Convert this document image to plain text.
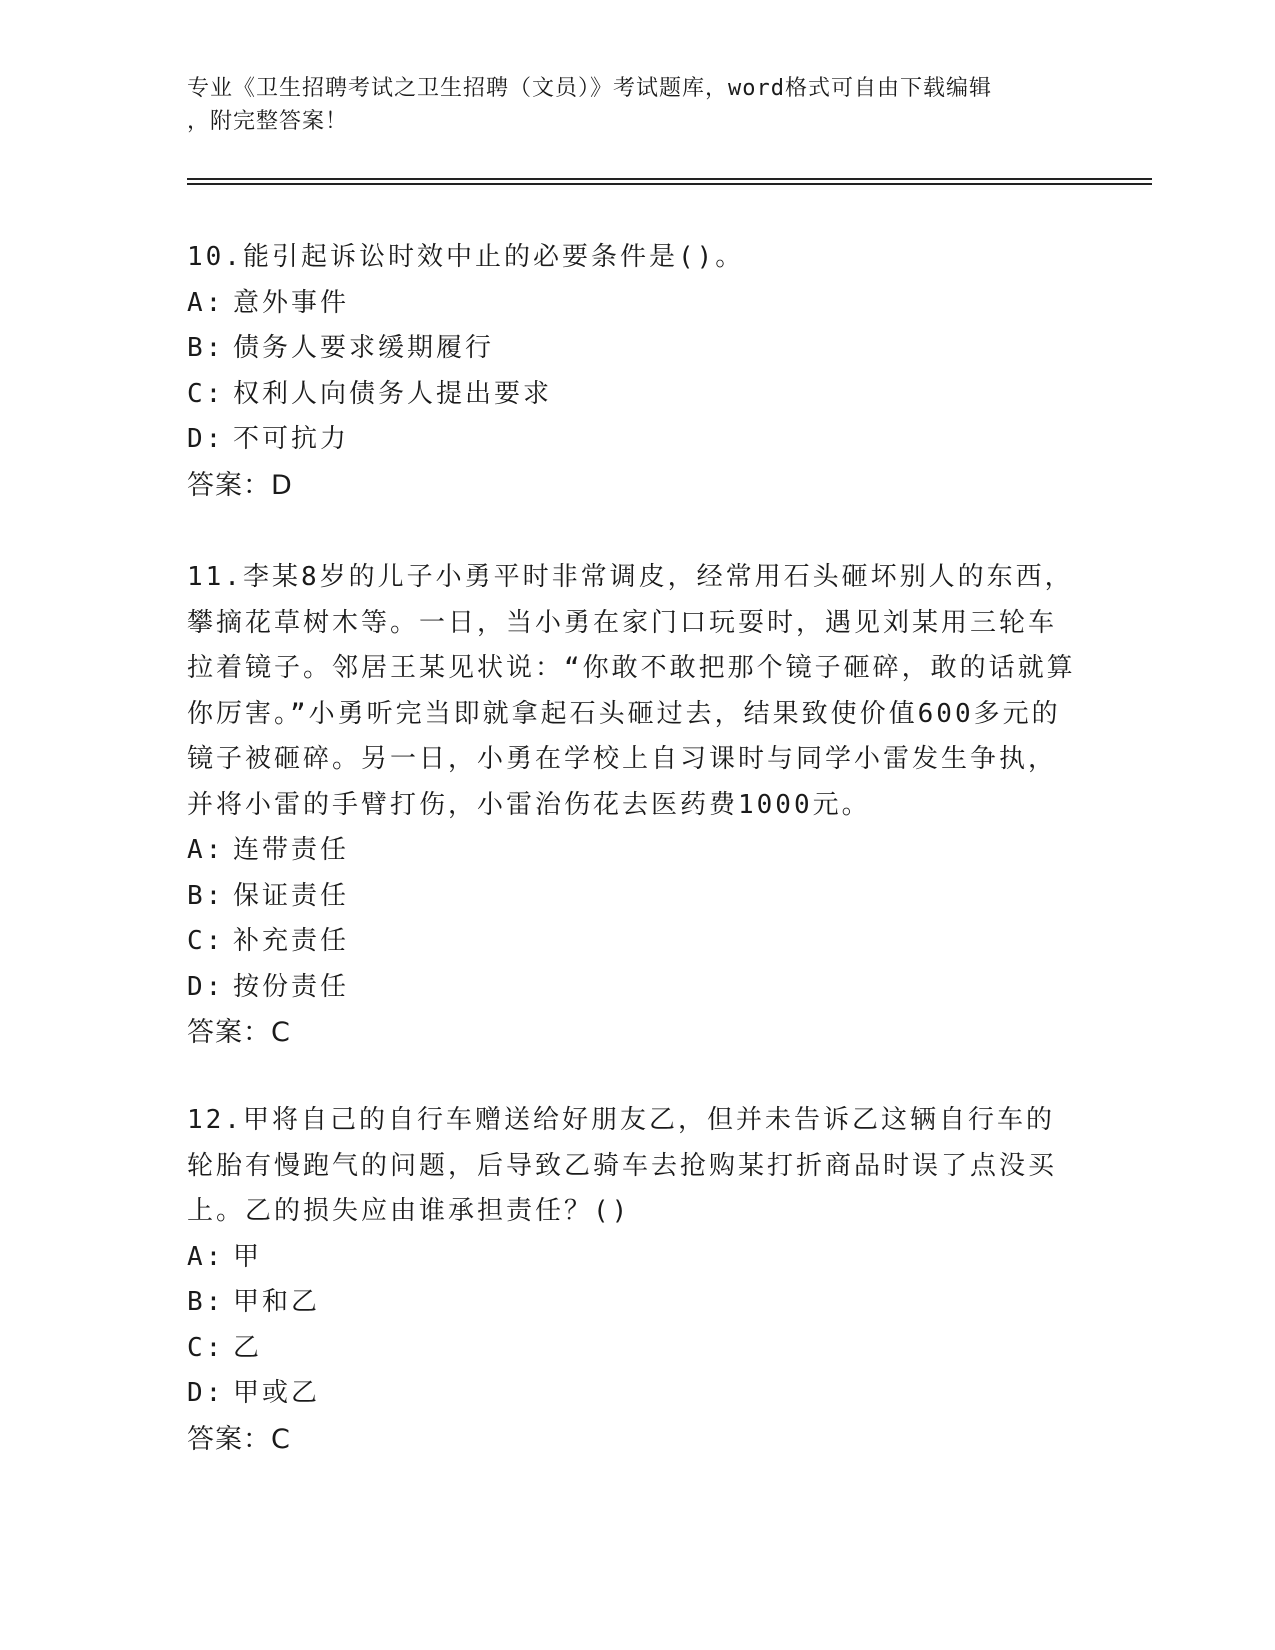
专业《卫生招聘考试之卫生招聘（文员）》考试题库，word格式可自由下载编辑
，附完整答案！

10.能引起诉讼时效中止的必要条件是()。

A: 意外事件

B: 债务人要求缓期履行

C: 权利人向债务人提出要求

D: 不可抗力

答案：D

11.李某8岁的儿子小勇平时非常调皮，经常用石头砸坏别人的东西，攀摘花草树木等。一日，当小勇在家门口玩耍时，遇见刘某用三轮车拉着镜子。邻居王某见状说：“你敢不敢把那个镜子砸碎，敢的话就算你厉害。”小勇听完当即就拿起石头砸过去，结果致使价值600多元的镜子被砸碎。另一日，小勇在学校上自习课时与同学小雷发生争执，并将小雷的手臂打伤，小雷治伤花去医药费1000元。

A: 连带责任

B: 保证责任

C: 补充责任

D: 按份责任

答案：C

12.甲将自己的自行车赠送给好朋友乙，但并未告诉乙这辆自行车的轮胎有慢跑气的问题，后导致乙骑车去抢购某打折商品时误了点没买上。乙的损失应由谁承担责任？()

A: 甲

B: 甲和乙

C: 乙

D: 甲或乙

答案：C
